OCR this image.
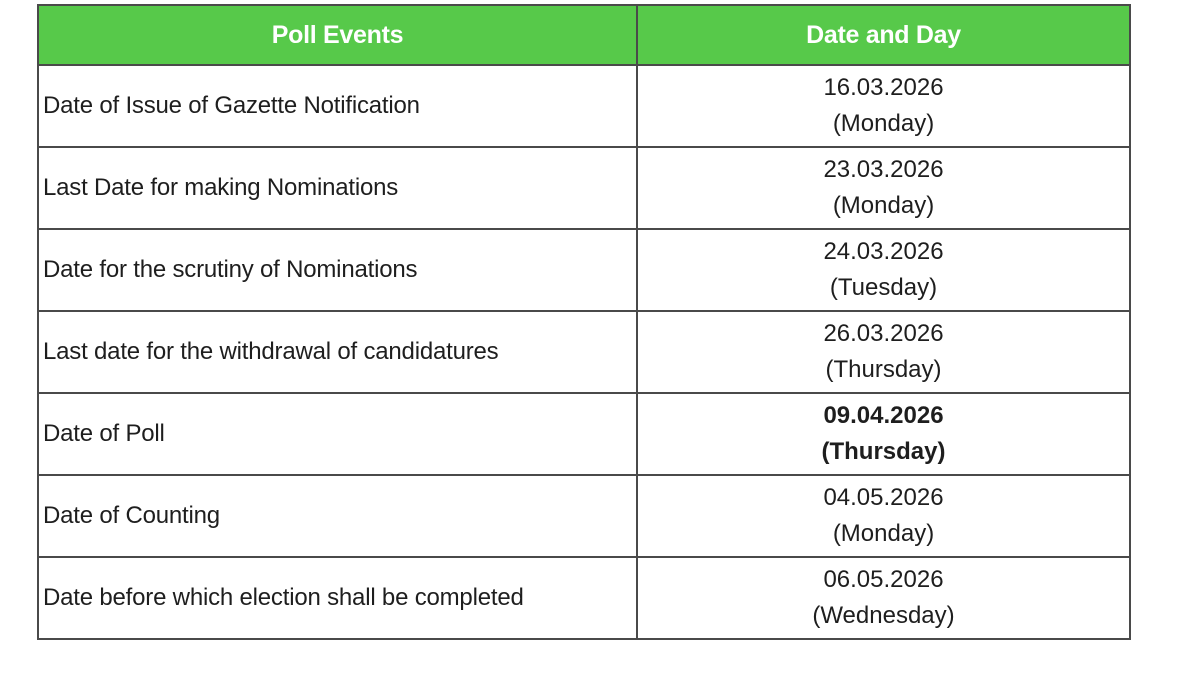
Poll Events	Date and Day
Date of Issue of Gazette Notification	16.03.2026
(Monday)

Last Date for making Nominations	23.03.2026
(Monday)

Date for the scrutiny of Nominations	24.03.2026
(Tuesday)

Last date for the withdrawal of candidatures	26.03.2026
(Thursday)

Date of Poll	09.04.2026
(Thursday)

Date of Counting	04.05.2026
(Monday)

Date before which election shall be completed	06.05.2026
(Wednesday)
